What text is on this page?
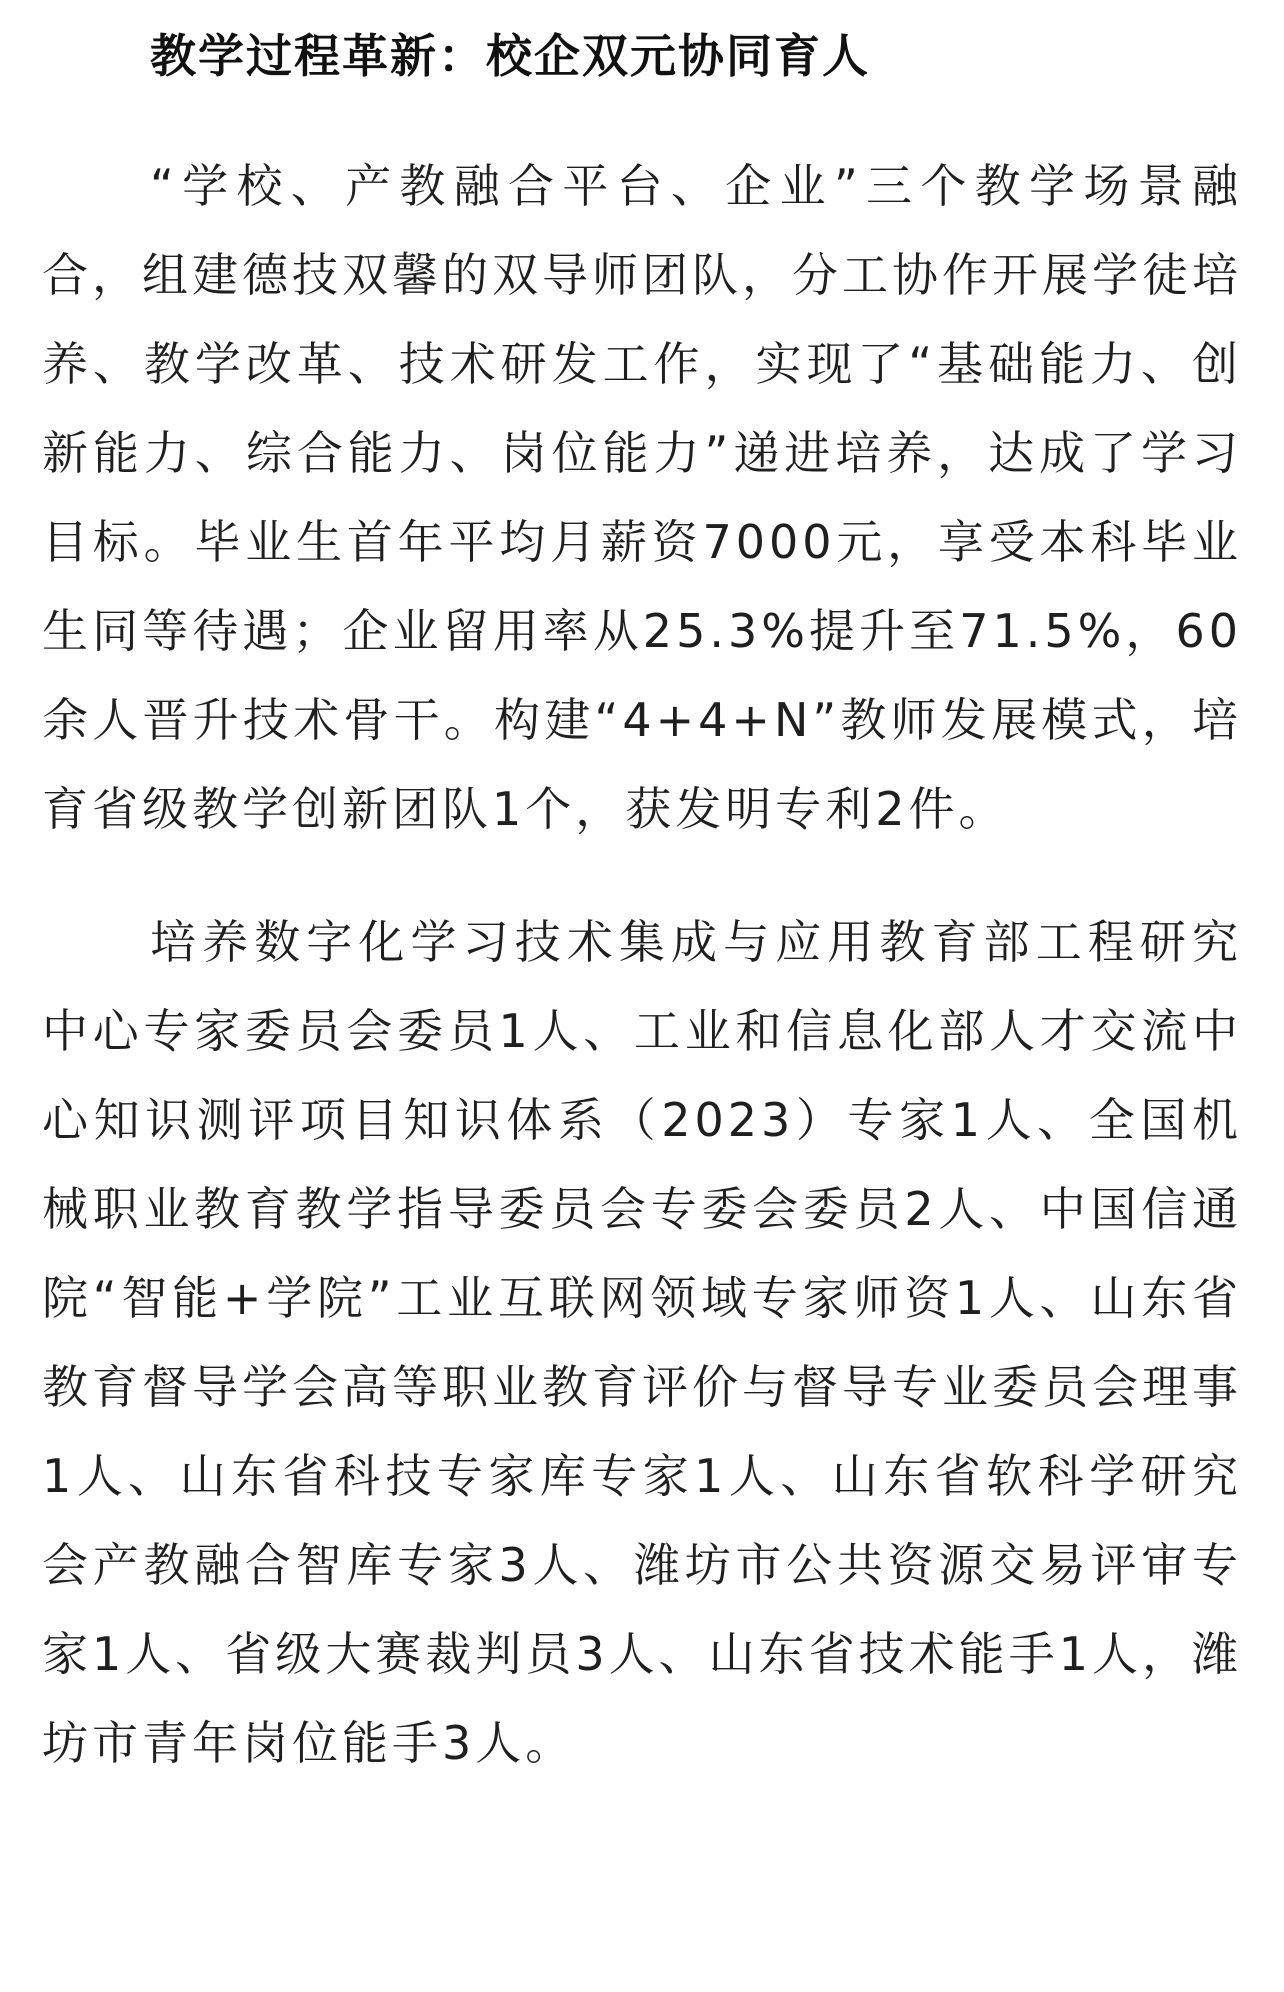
教学过程革新：校企双元协同育人

“学校、产教融合平台、企业”三个教学场景融合，组建德技双馨的双导师团队，分工协作开展学徒培养、教学改革、技术研发工作，实现了“基础能力、创新能力、综合能力、岗位能力”递进培养，达成了学习目标。毕业生首年平均月薪资7000元，享受本科毕业生同等待遇；企业留用率从25.3%提升至71.5%，60余人晋升技术骨干。构建“4+4+N”教师发展模式，培育省级教学创新团队1个，获发明专利2件。

培养数字化学习技术集成与应用教育部工程研究中心专家委员会委员1人、工业和信息化部人才交流中心知识测评项目知识体系（2023）专家1人、全国机械职业教育教学指导委员会专委会委员2人、中国信通院“智能+学院”工业互联网领域专家师资1人、山东省教育督导学会高等职业教育评价与督导专业委员会理事1人、山东省科技专家库专家1人、山东省软科学研究会产教融合智库专家3人、潍坊市公共资源交易评审专家1人、省级大赛裁判员3人、山东省技术能手1人，潍坊市青年岗位能手3人。
